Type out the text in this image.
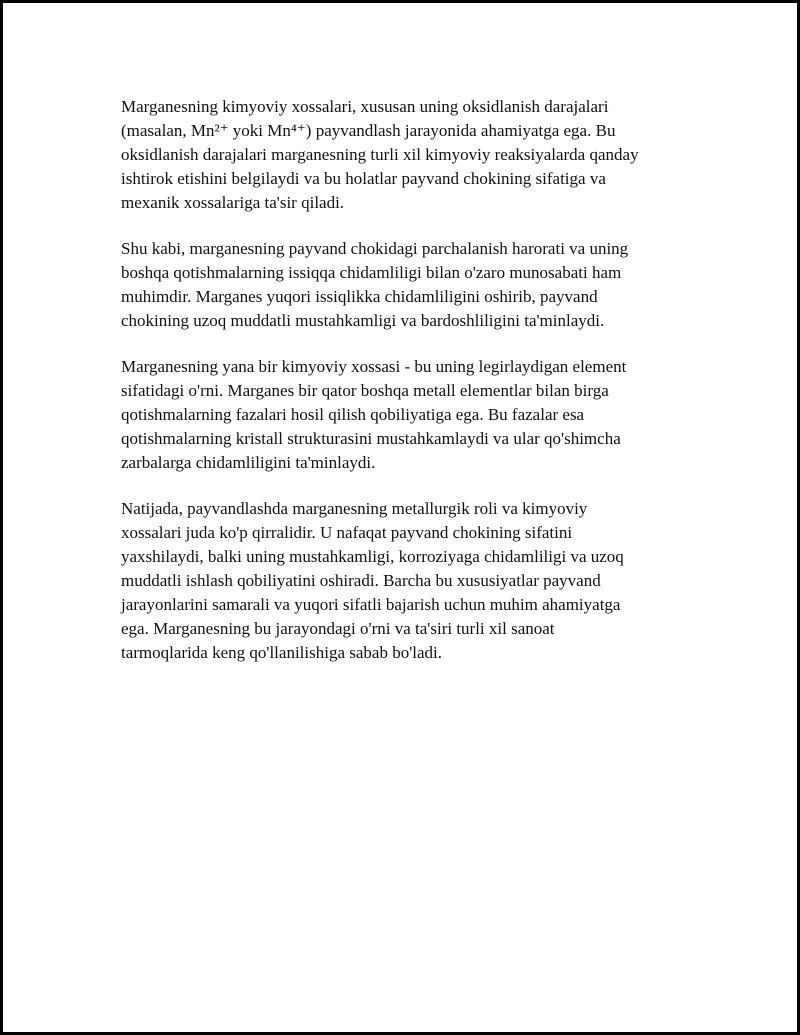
Marganesning kimyoviy xossalari, xususan uning oksidlanish darajalari
(masalan, Mn²⁺ yoki Mn⁴⁺) payvandlash jarayonida ahamiyatga ega. Bu
oksidlanish darajalari marganesning turli xil kimyoviy reaksiyalarda qanday
ishtirok etishini belgilaydi va bu holatlar payvand chokining sifatiga va
mexanik xossalariga ta'sir qiladi.

Shu kabi, marganesning payvand chokidagi parchalanish harorati va uning
boshqa qotishmalarning issiqqa chidamliligi bilan o'zaro munosabati ham
muhimdir. Marganes yuqori issiqlikka chidamliligini oshirib, payvand
chokining uzoq muddatli mustahkamligi va bardoshliligini ta'minlaydi.

Marganesning yana bir kimyoviy xossasi - bu uning legirlaydigan element
sifatidagi o'rni. Marganes bir qator boshqa metall elementlar bilan birga
qotishmalarning fazalari hosil qilish qobiliyatiga ega. Bu fazalar esa
qotishmalarning kristall strukturasini mustahkamlaydi va ular qo'shimcha
zarbalarga chidamliligini ta'minlaydi.

Natijada, payvandlashda marganesning metallurgik roli va kimyoviy
xossalari juda ko'p qirralidir. U nafaqat payvand chokining sifatini
yaxshilaydi, balki uning mustahkamligi, korroziyaga chidamliligi va uzoq
muddatli ishlash qobiliyatini oshiradi. Barcha bu xususiyatlar payvand
jarayonlarini samarali va yuqori sifatli bajarish uchun muhim ahamiyatga
ega. Marganesning bu jarayondagi o'rni va ta'siri turli xil sanoat
tarmoqlarida keng qo'llanilishiga sabab bo'ladi.
